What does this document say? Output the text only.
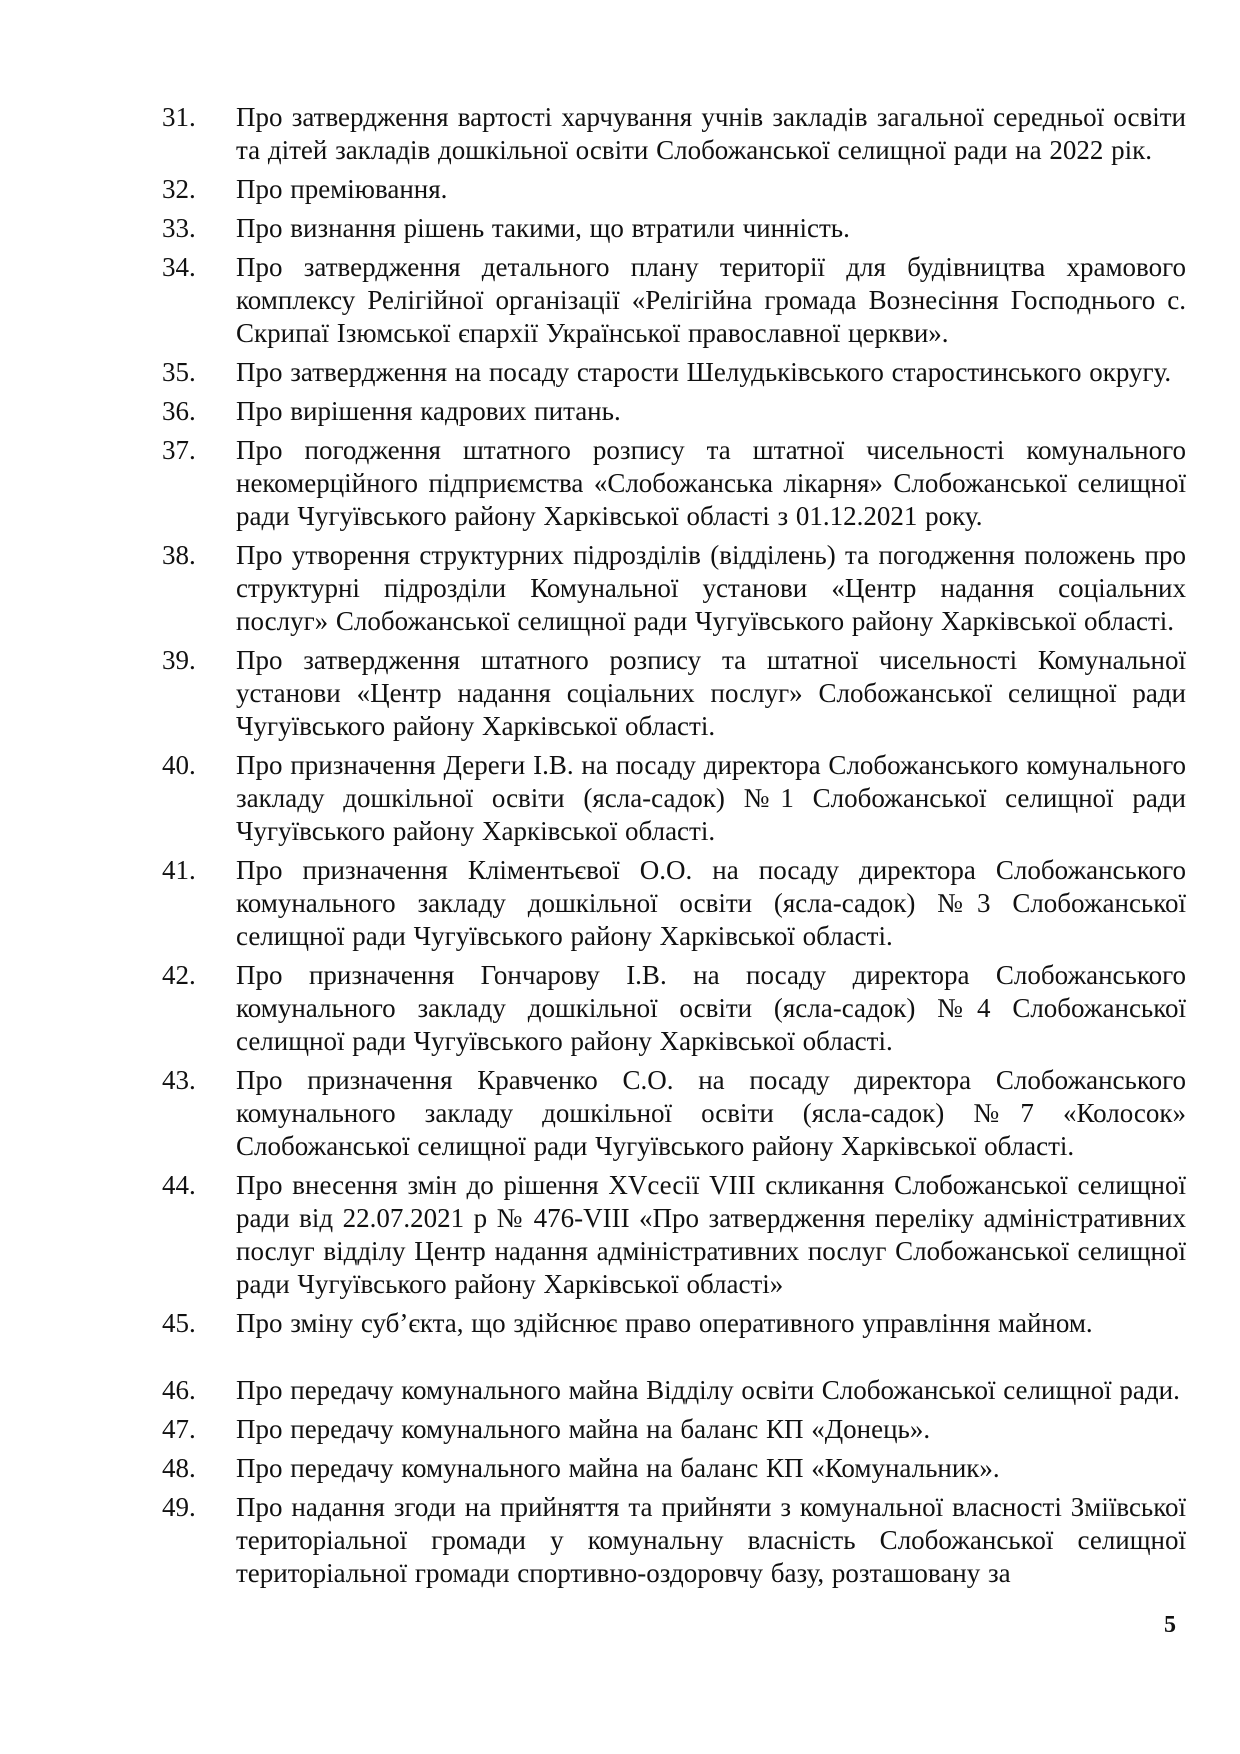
31.	Про затвердження вартості харчування учнів закладів загальної середньої освіти та дітей закладів дошкільної освіти Слобожанської селищної ради на 2022 рік.
32.	Про преміювання.
33.	Про визнання рішень такими, що втратили чинність.
34.	Про затвердження детального плану території для будівництва храмового комплексу Релігійної організації «Релігійна громада Вознесіння Господнього с. Скрипаї Ізюмської єпархії Української православної церкви».
35.	Про затвердження на посаду старости Шелудьківського старостинського округу.
36.	Про вирішення кадрових питань.
37.	Про погодження штатного розпису та штатної чисельності комунального некомерційного підприємства «Слобожанська лікарня» Слобожанської селищної ради Чугуївського району Харківської області з 01.12.2021 року.
38.	Про утворення структурних підрозділів (відділень) та погодження положень про структурні підрозділи Комунальної установи «Центр надання соціальних послуг» Слобожанської селищної ради Чугуївського району Харківської області.
39.	Про затвердження штатного розпису та штатної чисельності Комунальної установи «Центр надання соціальних послуг» Слобожанської селищної ради Чугуївського району Харківської області.
40.	Про призначення Дереги І.В. на посаду директора Слобожанського комунального закладу дошкільної освіти (ясла-садок) №1 Слобожанської селищної ради Чугуївського району Харківської області.
41.	Про призначення Кліментьєвої О.О. на посаду директора Слобожанського комунального закладу дошкільної освіти (ясла-садок) №3 Слобожанської селищної ради Чугуївського району Харківської області.
42.	Про призначення Гончарову І.В. на посаду директора Слобожанського комунального закладу дошкільної освіти (ясла-садок) №4 Слобожанської селищної ради Чугуївського району Харківської області.
43.	Про призначення Кравченко С.О. на посаду директора Слобожанського комунального закладу дошкільної освіти (ясла-садок) №7 «Колосок» Слобожанської селищної ради Чугуївського району Харківської області.
44.	Про внесення змін до рішення XVсесії VIII скликання Слобожанської селищної ради від 22.07.2021 р № 476-VIII «Про затвердження переліку адміністративних послуг відділу Центр надання адміністративних послуг Слобожанської селищної ради Чугуївського району Харківської області»
45.	Про зміну суб’єкта, що здійснює право оперативного управління майном.
46.	Про передачу комунального майна Відділу освіти Слобожанської селищної ради.
47.	Про передачу комунального майна на баланс КП «Донець».
48.	Про передачу комунального майна на баланс КП «Комунальник».
49.	Про надання згоди на прийняття та прийняти з комунальної власності Зміївської територіальної громади у комунальну власність Слобожанської селищної територіальної громади спортивно-оздоровчу базу, розташовану за
5
